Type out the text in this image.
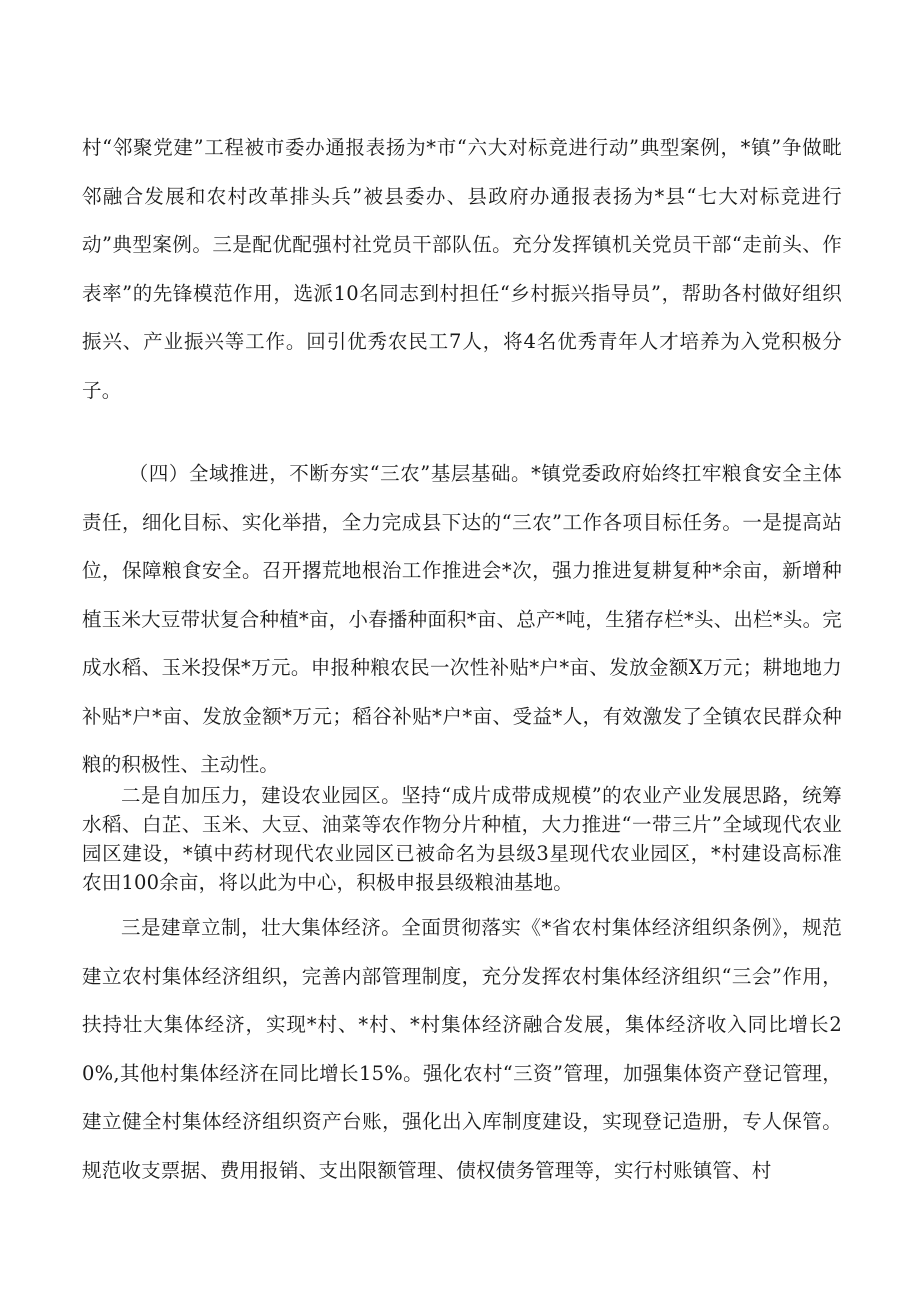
村“邻聚党建”工程被市委办通报表扬为*市“六大对标竞进行动”典型案例，*镇”争做毗邻融合发展和农村改革排头兵”被县委办、县政府办通报表扬为*县“七大对标竞进行动”典型案例。三是配优配强村社党员干部队伍。充分发挥镇机关党员干部“走前头、作表率”的先锋模范作用，选派10名同志到村担任“乡村振兴指导员”，帮助各村做好组织振兴、产业振兴等工作。回引优秀农民工7人，将4名优秀青年人才培养为入党积极分子。

（四）全域推进，不断夯实“三农”基层基础。*镇党委政府始终扛牢粮食安全主体责任，细化目标、实化举措，全力完成县下达的“三农”工作各项目标任务。一是提高站位，保障粮食安全。召开撂荒地根治工作推进会*次，强力推进复耕复种*余亩，新增种植玉米大豆带状复合种植*亩，小春播种面积*亩、总产*吨，生猪存栏*头、出栏*头。完成水稻、玉米投保*万元。申报种粮农民一次性补贴*户*亩、发放金额X万元；耕地地力补贴*户*亩、发放金额*万元；稻谷补贴*户*亩、受益*人，有效激发了全镇农民群众种粮的积极性、主动性。

二是自加压力，建设农业园区。坚持“成片成带成规模”的农业产业发展思路，统筹水稻、白芷、玉米、大豆、油菜等农作物分片种植，大力推进“一带三片”全域现代农业园区建设，*镇中药材现代农业园区已被命名为县级3星现代农业园区，*村建设高标准农田100余亩，将以此为中心，积极申报县级粮油基地。

三是建章立制，壮大集体经济。全面贯彻落实《*省农村集体经济组织条例》，规范建立农村集体经济组织，完善内部管理制度，充分发挥农村集体经济组织“三会”作用，扶持壮大集体经济，实现*村、*村、*村集体经济融合发展，集体经济收入同比增长20%,其他村集体经济在同比增长15%。强化农村“三资”管理，加强集体资产登记管理，建立健全村集体经济组织资产台账，强化出入库制度建设，实现登记造册，专人保管。规范收支票据、费用报销、支出限额管理、债权债务管理等，实行村账镇管、村
